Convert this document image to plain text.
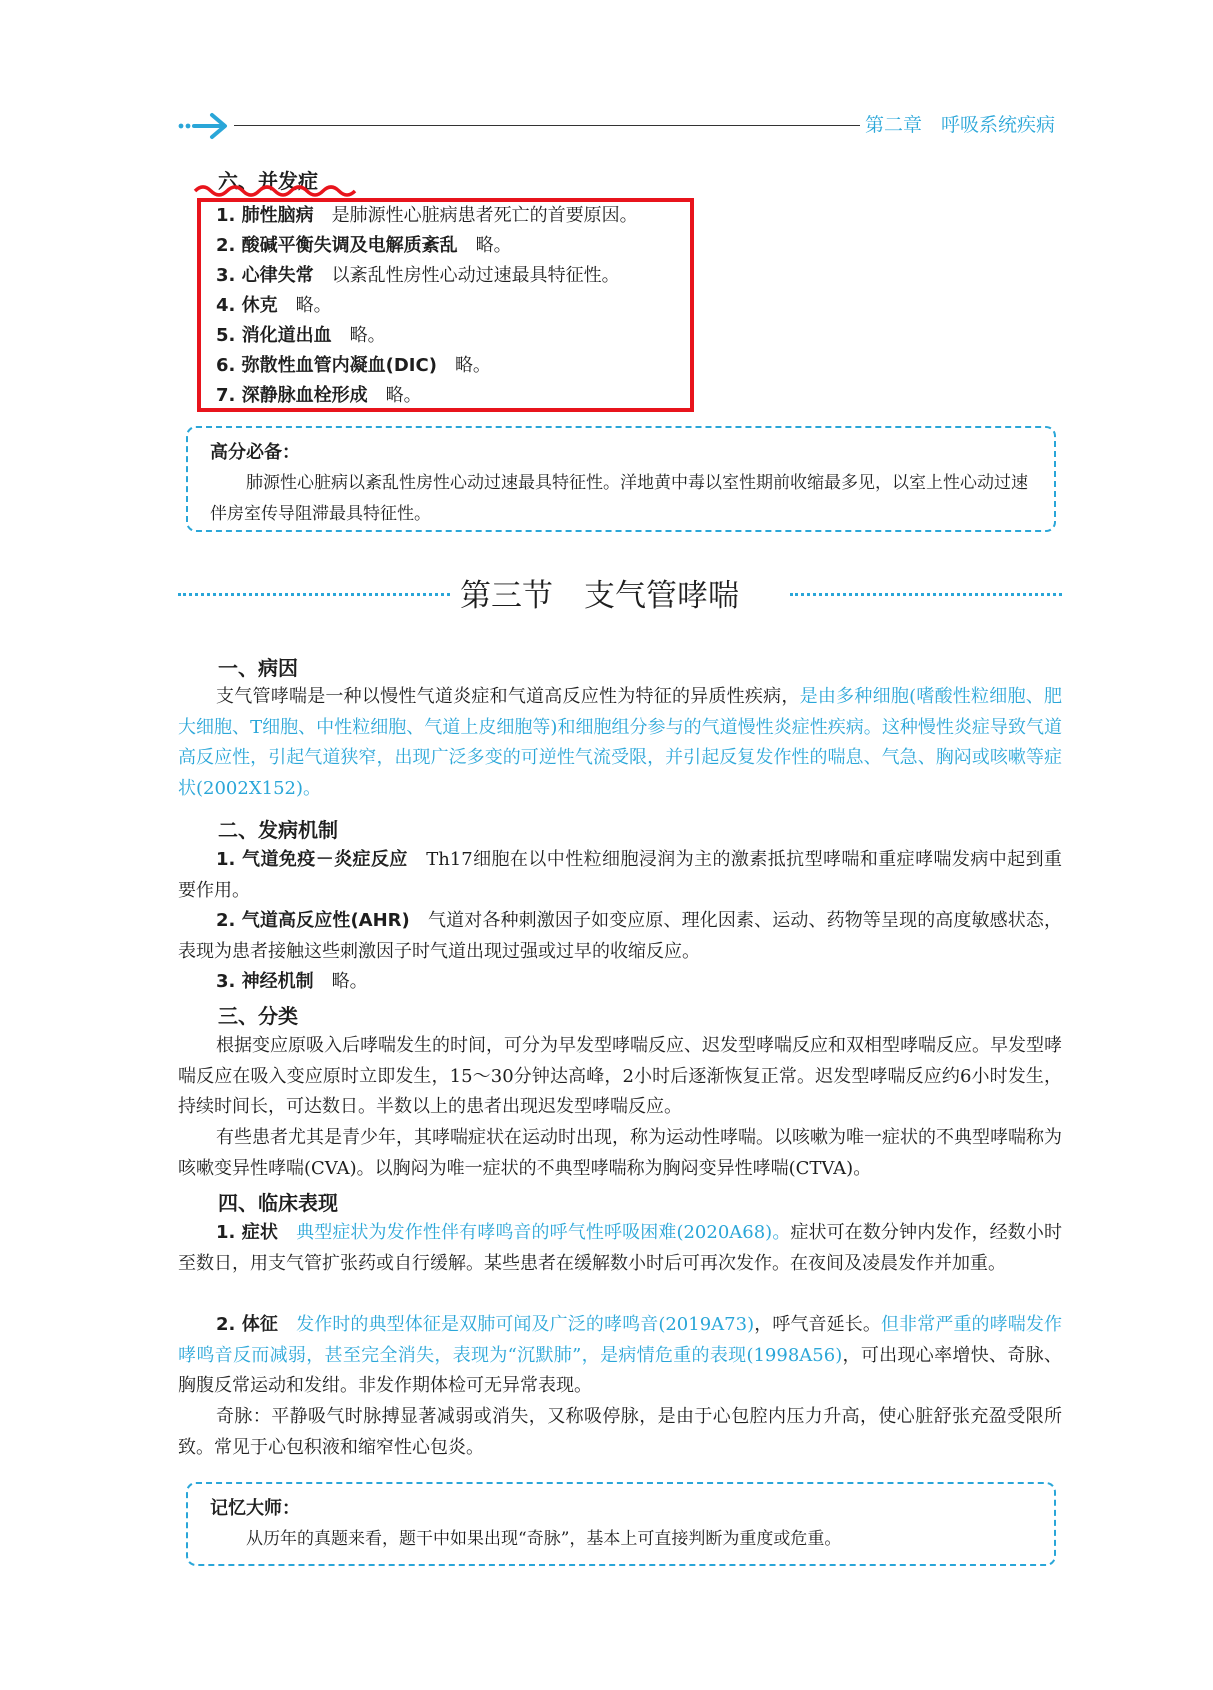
第二章　呼吸系统疾病
六、并发症
1. 肺性脑病 是肺源性心脏病患者死亡的首要原因。
2. 酸碱平衡失调及电解质紊乱 略。
3. 心律失常 以紊乱性房性心动过速最具特征性。
4. 休克 略。
5. 消化道出血 略。
6. 弥散性血管内凝血(DIC) 略。
7. 深静脉血栓形成 略。
高分必备：
肺源性心脏病以紊乱性房性心动过速最具特征性。洋地黄中毒以室性期前收缩最多见，以室上性心动过速伴房室传导阻滞最具特征性。
第三节　支气管哮喘
一、病因
支气管哮喘是一种以慢性气道炎症和气道高反应性为特征的异质性疾病，是由多种细胞(嗜酸性粒细胞、肥大细胞、T细胞、中性粒细胞、气道上皮细胞等)和细胞组分参与的气道慢性炎症性疾病。这种慢性炎症导致气道高反应性，引起气道狭窄，出现广泛多变的可逆性气流受限，并引起反复发作性的喘息、气急、胸闷或咳嗽等症状(2002X152)。
二、发病机制
1. 气道免疫－炎症反应　 Th17细胞在以中性粒细胞浸润为主的激素抵抗型哮喘和重症哮喘发病中起到重要作用。
2. 气道高反应性(AHR)　 气道对各种刺激因子如变应原、理化因素、运动、药物等呈现的高度敏感状态，表现为患者接触这些刺激因子时气道出现过强或过早的收缩反应。
3. 神经机制　 略。
三、分类
根据变应原吸入后哮喘发生的时间，可分为早发型哮喘反应、迟发型哮喘反应和双相型哮喘反应。早发型哮喘反应在吸入变应原时立即发生，15～30分钟达高峰，2小时后逐渐恢复正常。迟发型哮喘反应约6小时发生，持续时间长，可达数日。半数以上的患者出现迟发型哮喘反应。
有些患者尤其是青少年，其哮喘症状在运动时出现，称为运动性哮喘。以咳嗽为唯一症状的不典型哮喘称为咳嗽变异性哮喘(CVA)。以胸闷为唯一症状的不典型哮喘称为胸闷变异性哮喘(CTVA)。
四、临床表现
1. 症状　 典型症状为发作性伴有哮鸣音的呼气性呼吸困难(2020A68)。症状可在数分钟内发作，经数小时至数日，用支气管扩张药或自行缓解。某些患者在缓解数小时后可再次发作。在夜间及凌晨发作并加重。
2. 体征　 发作时的典型体征是双肺可闻及广泛的哮鸣音(2019A73)，呼气音延长。但非常严重的哮喘发作哮鸣音反而减弱，甚至完全消失，表现为“沉默肺”，是病情危重的表现(1998A56)，可出现心率增快、奇脉、胸腹反常运动和发绀。非发作期体检可无异常表现。
奇脉：平静吸气时脉搏显著减弱或消失，又称吸停脉，是由于心包腔内压力升高，使心脏舒张充盈受限所致。常见于心包积液和缩窄性心包炎。
记忆大师：
从历年的真题来看，题干中如果出现“奇脉”，基本上可直接判断为重度或危重。
